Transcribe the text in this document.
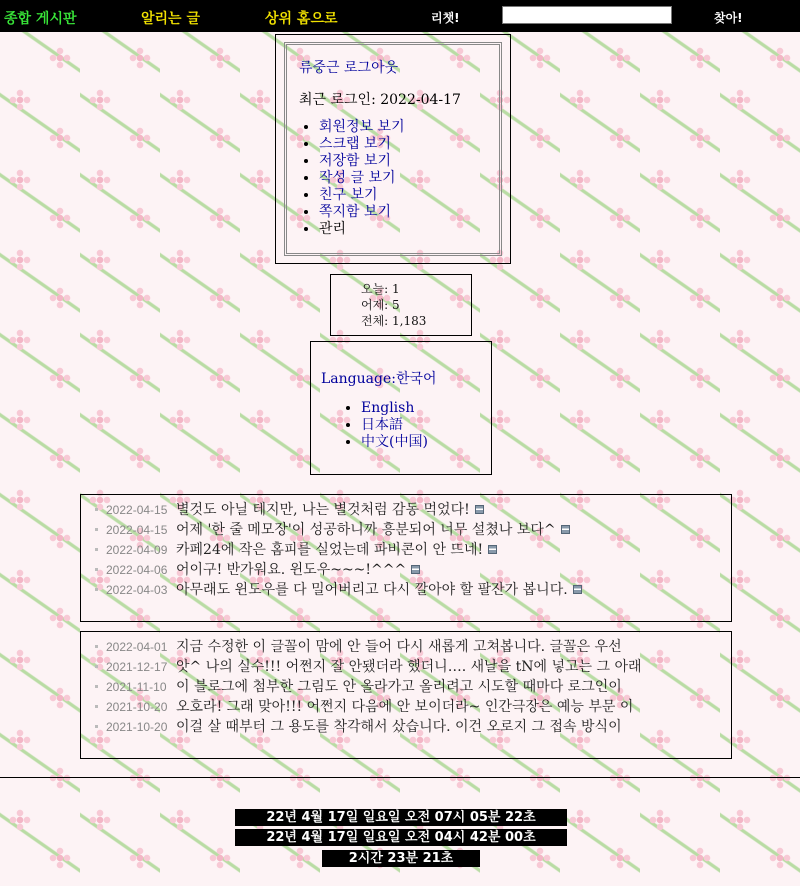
종합 게시판	알리는 글	상위 홈으로	리챗!	찾아!
류중근 로그아웃
최근 로그인: 2022-04-17
• 회원정보 보기
• 스크랩 보기
• 저장함 보기
• 작성 글 보기
• 친구 보기
• 쪽지함 보기
• 관리
오늘: 1
어제: 5
전체: 1,183
Language:한국어
• English
• 日本語
• 中文(中国)
2022-04-15 별것도 아닐 테지만, 나는 별것처럼 감동 먹었다!
2022-04-15 어제 '한 줄 메모장'이 성공하니까 흥분되어 너무 설쳤나 보다^
2022-04-09 카페24에 작은 홈피를 실었는데 파비콘이 안 뜨네!
2022-04-06 어이구! 반가워요. 윈도우~~~!^^^
2022-04-03 아무래도 윈도우를 다 밀어버리고 다시 깔아야 할 팔잔가 봅니다.
2022-04-01 지금 수정한 이 글꼴이 맘에 안 들어 다시 새롭게 고쳐봅니다. 글꼴은 우선
2021-12-17 앗^ 나의 실수!!! 어쩐지 잘 안됐더라 했더니…. 새날을 tN에 넣고는 그 아래
2021-11-10 이 블로그에 첨부한 그림도 안 올라가고 올리려고 시도할 때마다 로그인이
2021-10-20 오호라! 그래 맞아!!! 어쩐지 다음에 안 보이더라~ 인간극장은 예능 부문 이
2021-10-20 이걸 살 때부터 그 용도를 착각해서 샀습니다. 이건 오로지 그 접속 방식이
22년 4월 17일 일요일 오전 07시 05분 22초
22년 4월 17일 일요일 오전 04시 42분 00초
2시간 23분 21초
